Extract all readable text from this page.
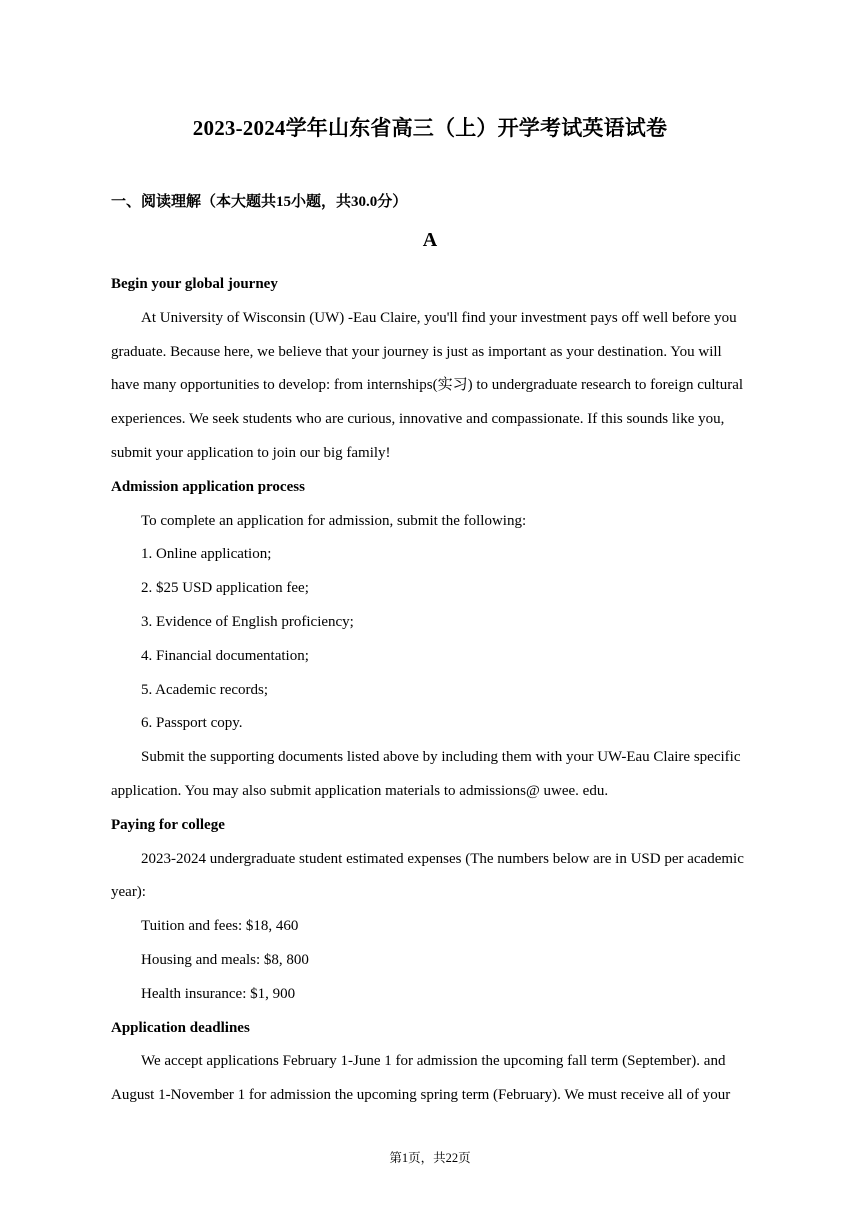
2023-2024学年山东省高三（上）开学考试英语试卷
一、阅读理解（本大题共15小题，共30.0分）
A
Begin your global journey

At University of Wisconsin (UW) -Eau Claire, you'll find your investment pays off well before you graduate. Because here, we believe that your journey is just as important as your destination. You will have many opportunities to develop: from internships(实习) to undergraduate research to foreign cultural experiences. We seek students who are curious, innovative and compassionate. If this sounds like you, submit your application to join our big family!

Admission application process

To complete an application for admission, submit the following:

1. Online application;
2. $25 USD application fee;
3. Evidence of English proficiency;
4. Financial documentation;
5. Academic records;
6. Passport copy.

Submit the supporting documents listed above by including them with your UW-Eau Claire specific application. You may also submit application materials to admissions@ uwee. edu.

Paying for college

2023-2024 undergraduate student estimated expenses (The numbers below are in USD per academic year):

Tuition and fees: $18, 460
Housing and meals: $8, 800
Health insurance: $1, 900
Application deadlines

We accept applications February 1-June 1 for admission the upcoming fall term (September). and August 1-November 1 for admission the upcoming spring term (February). We must receive all of your

第1页，共22页
